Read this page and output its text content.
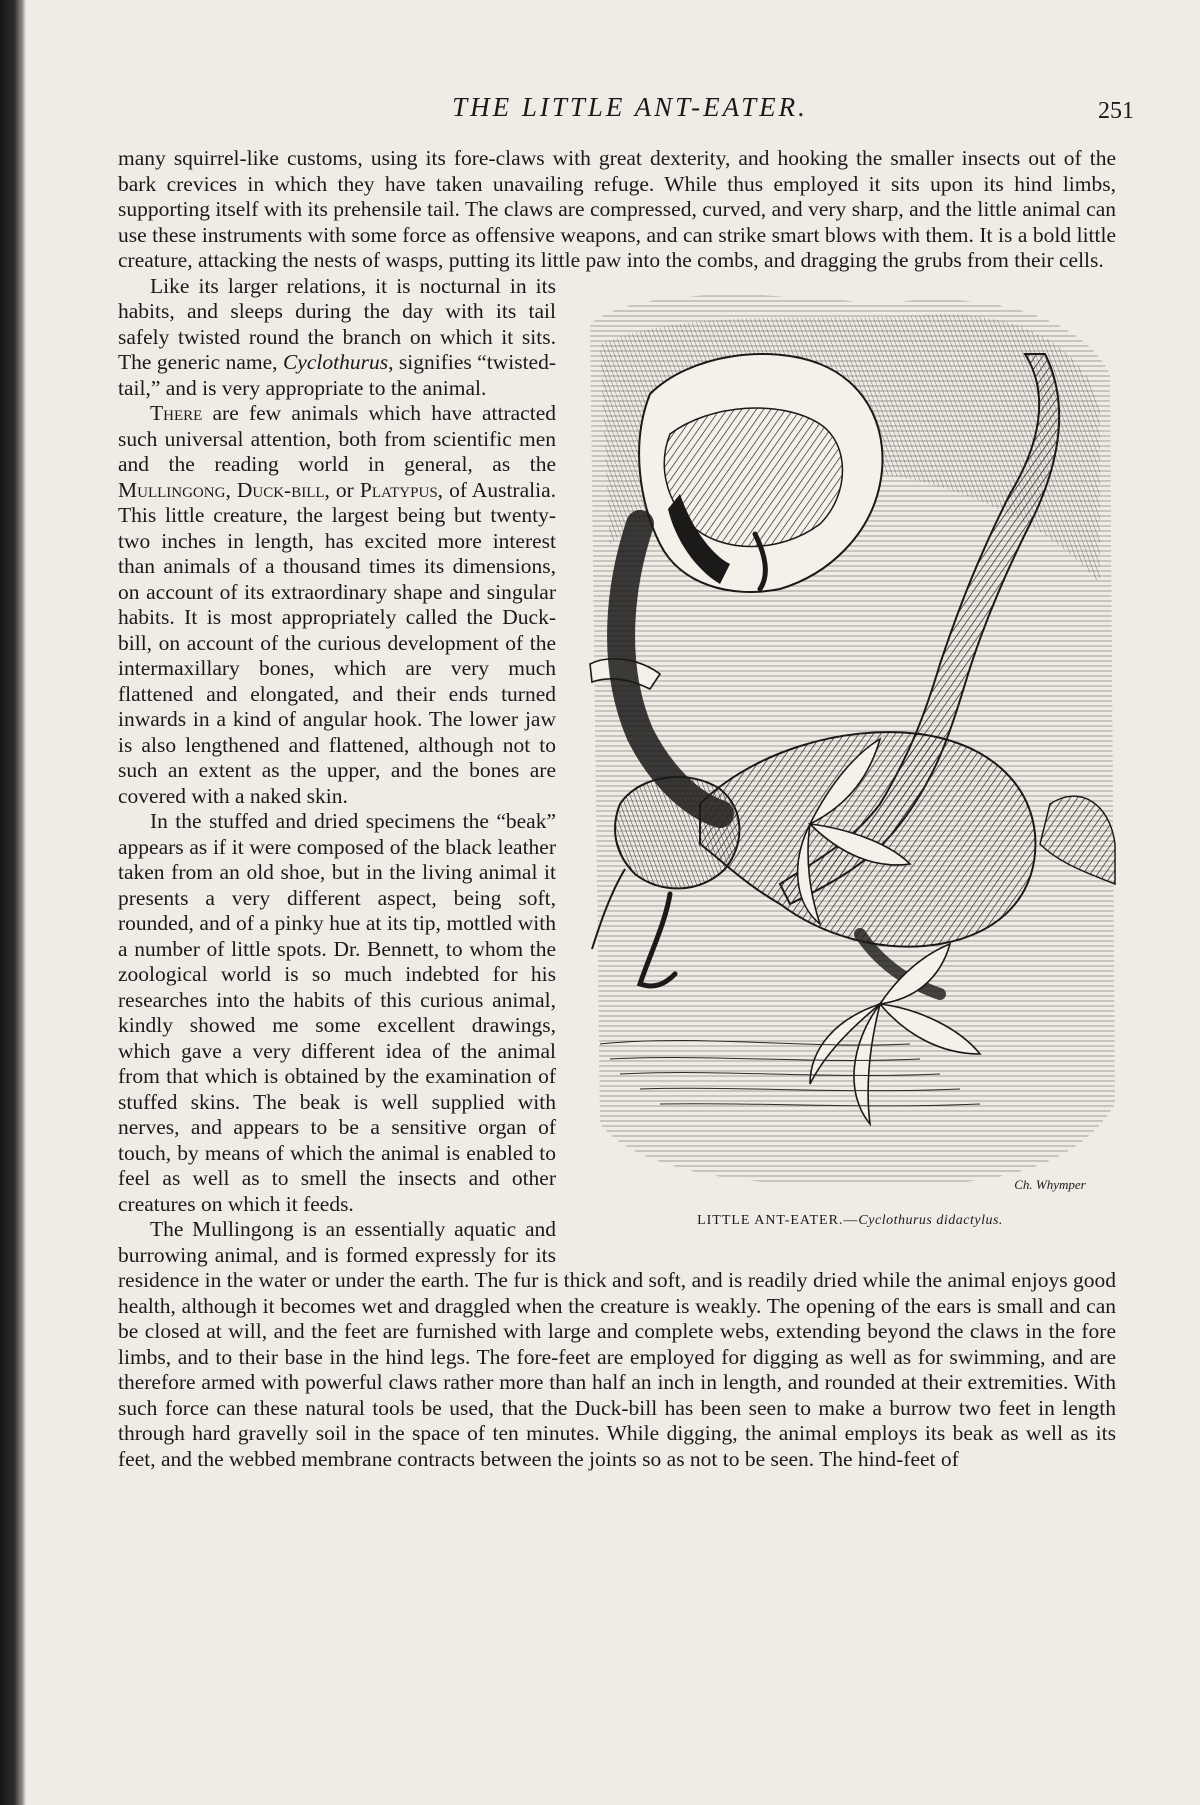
THE LITTLE ANT-EATER.	251

many squirrel-like customs, using its fore-claws with great dexterity, and hooking the smaller insects out of the bark crevices in which they have taken unavailing refuge. While thus employed it sits upon its hind limbs, supporting itself with its prehensile tail. The claws are compressed, curved, and very sharp, and the little animal can use these instruments with some force as offensive weapons, and can strike smart blows with them. It is a bold little creature, attacking the nests of wasps, putting its little paw into the combs, and dragging the grubs from their cells.

Ch. Whymper
LITTLE ANT-EATER.—Cyclothurus didactylus.

Like its larger relations, it is nocturnal in its habits, and sleeps during the day with its tail safely twisted round the branch on which it sits. The generic name, Cyclothurus, signifies “twisted-tail,” and is very appropriate to the animal.

There are few animals which have attracted such universal attention, both from scientific men and the reading world in general, as the Mullingong, Duck-bill, or Platypus, of Australia. This little creature, the largest being but twenty-two inches in length, has excited more interest than animals of a thousand times its dimensions, on account of its extraordinary shape and singular habits. It is most appropriately called the Duck-bill, on account of the curious development of the intermaxillary bones, which are very much flattened and elongated, and their ends turned inwards in a kind of angular hook. The lower jaw is also lengthened and flattened, although not to such an extent as the upper, and the bones are covered with a naked skin.

In the stuffed and dried specimens the “beak” appears as if it were composed of the black leather taken from an old shoe, but in the living animal it presents a very different aspect, being soft, rounded, and of a pinky hue at its tip, mottled with a number of little spots. Dr. Bennett, to whom the zoological world is so much indebted for his researches into the habits of this curious animal, kindly showed me some excellent drawings, which gave a very different idea of the animal from that which is obtained by the examination of stuffed skins. The beak is well supplied with nerves, and appears to be a sensitive organ of touch, by means of which the animal is enabled to feel as well as to smell the insects and other creatures on which it feeds.

The Mullingong is an essentially aquatic and burrowing animal, and is formed expressly for its residence in the water or under the earth. The fur is thick and soft, and is readily dried while the animal enjoys good health, although it becomes wet and draggled when the creature is weakly. The opening of the ears is small and can be closed at will, and the feet are furnished with large and complete webs, extending beyond the claws in the fore limbs, and to their base in the hind legs. The fore-feet are employed for digging as well as for swimming, and are therefore armed with powerful claws rather more than half an inch in length, and rounded at their extremities. With such force can these natural tools be used, that the Duck-bill has been seen to make a burrow two feet in length through hard gravelly soil in the space of ten minutes. While digging, the animal employs its beak as well as its feet, and the webbed membrane contracts between the joints so as not to be seen. The hind-feet of
